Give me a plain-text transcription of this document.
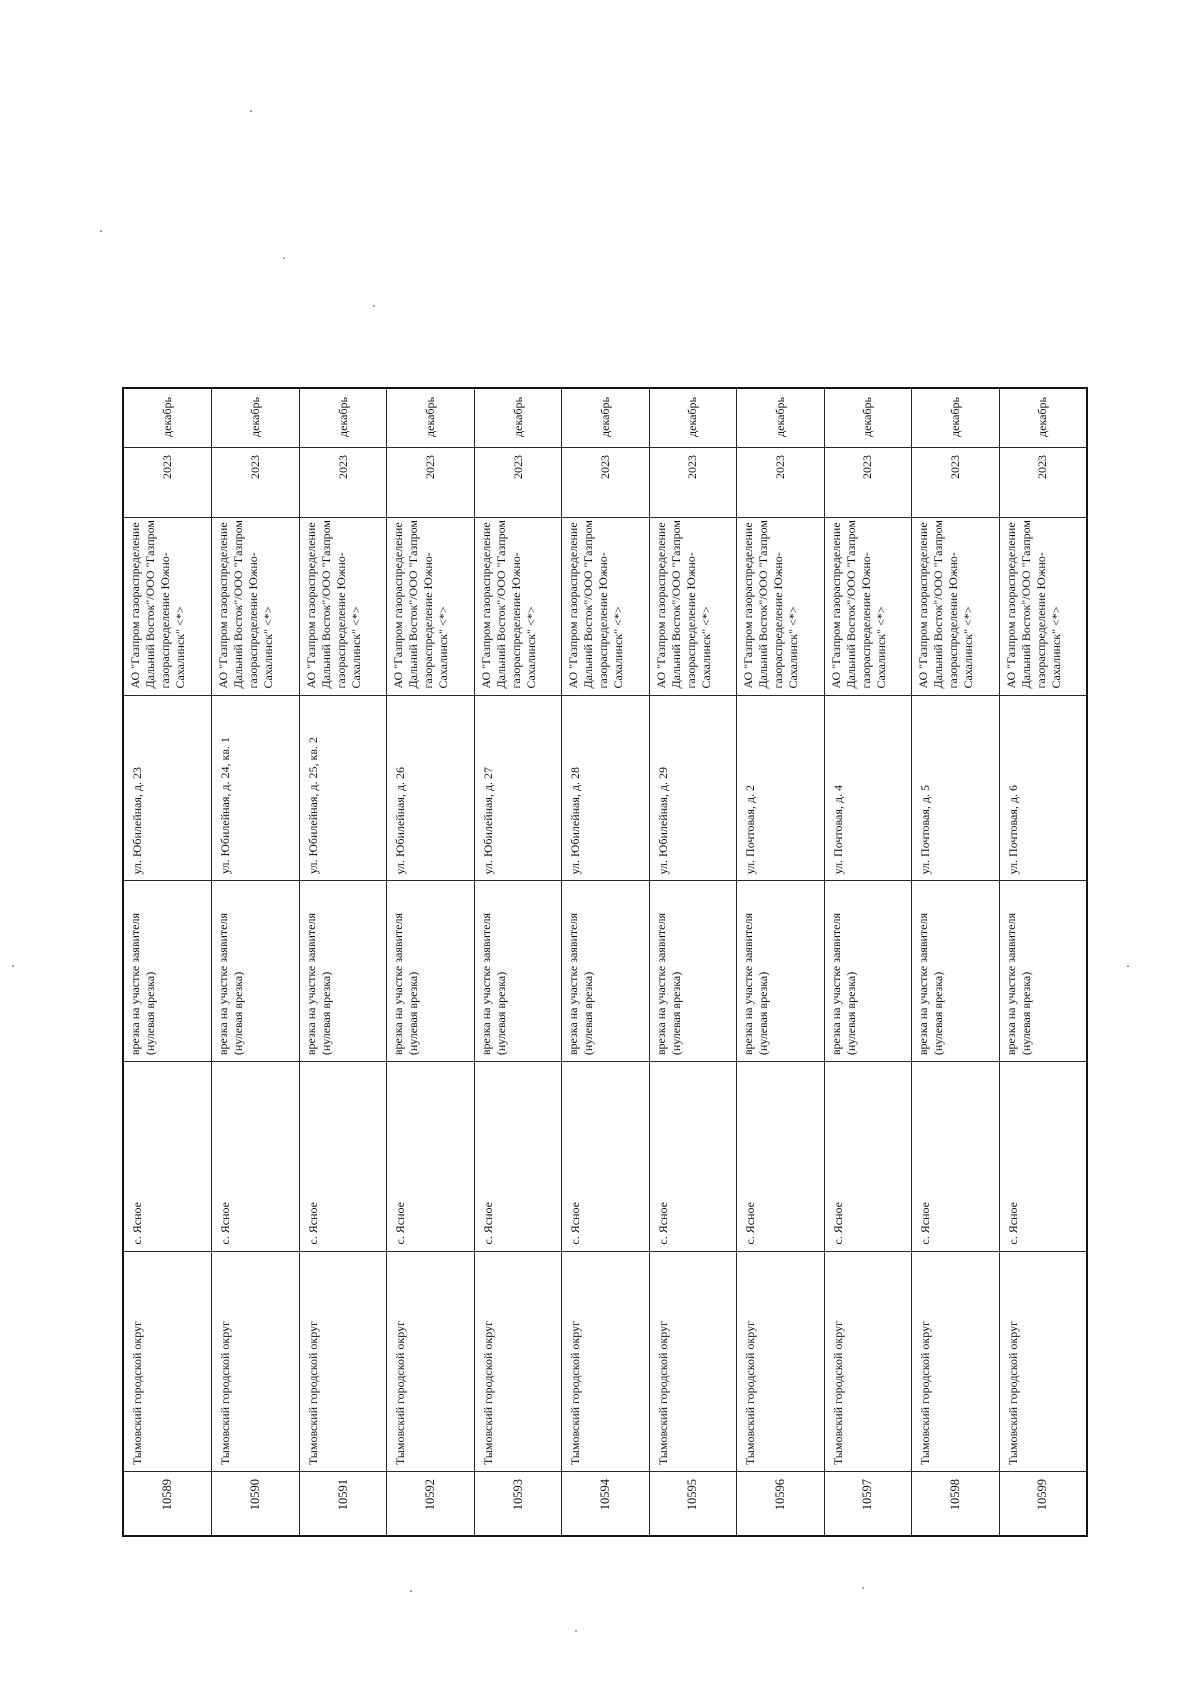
декабрь
2023
АО "Газпром газораспределение
Дальний Восток"/ООО "Газпром
газораспределение Южно-
Сахалинск" <*>
ул. Юбилейная, д. 23
врезка на участке заявителя
(нулевая врезка)
с. Ясное
Тымовский городской округ
10589
декабрь
2023
АО "Газпром газораспределение
Дальний Восток"/ООО "Газпром
газораспределение Южно-
Сахалинск" <*>
ул. Юбилейная, д. 24, кв. 1
врезка на участке заявителя
(нулевая врезка)
с. Ясное
Тымовский городской округ
10590
декабрь
2023
АО "Газпром газораспределение
Дальний Восток"/ООО "Газпром
газораспределение Южно-
Сахалинск" <*>
ул. Юбилейная, д. 25, кв. 2
врезка на участке заявителя
(нулевая врезка)
с. Ясное
Тымовский городской округ
10591
декабрь
2023
АО "Газпром газораспределение
Дальний Восток"/ООО "Газпром
газораспределение Южно-
Сахалинск" <*>
ул. Юбилейная, д. 26
врезка на участке заявителя
(нулевая врезка)
с. Ясное
Тымовский городской округ
10592
декабрь
2023
АО "Газпром газораспределение
Дальний Восток"/ООО "Газпром
газораспределение Южно-
Сахалинск" <*>
ул. Юбилейная, д. 27
врезка на участке заявителя
(нулевая врезка)
с. Ясное
Тымовский городской округ
10593
декабрь
2023
АО "Газпром газораспределение
Дальний Восток"/ООО "Газпром
газораспределение Южно-
Сахалинск" <*>
ул. Юбилейная, д. 28
врезка на участке заявителя
(нулевая врезка)
с. Ясное
Тымовский городской округ
10594
декабрь
2023
АО "Газпром газораспределение
Дальний Восток"/ООО "Газпром
газораспределение Южно-
Сахалинск" <*>
ул. Юбилейная, д. 29
врезка на участке заявителя
(нулевая врезка)
с. Ясное
Тымовский городской округ
10595
декабрь
2023
АО "Газпром газораспределение
Дальний Восток"/ООО "Газпром
газораспределение Южно-
Сахалинск" <*>
ул. Почтовая, д. 2
врезка на участке заявителя
(нулевая врезка)
с. Ясное
Тымовский городской округ
10596
декабрь
2023
АО "Газпром газораспределение
Дальний Восток"/ООО "Газпром
газораспределение Южно-
Сахалинск" <*>
ул. Почтовая, д. 4
врезка на участке заявителя
(нулевая врезка)
с. Ясное
Тымовский городской округ
10597
декабрь
2023
АО "Газпром газораспределение
Дальний Восток"/ООО "Газпром
газораспределение Южно-
Сахалинск" <*>
ул. Почтовая, д. 5
врезка на участке заявителя
(нулевая врезка)
с. Ясное
Тымовский городской округ
10598
декабрь
2023
АО "Газпром газораспределение
Дальний Восток"/ООО "Газпром
газораспределение Южно-
Сахалинск" <*>
ул. Почтовая, д. 6
врезка на участке заявителя
(нулевая врезка)
с. Ясное
Тымовский городской округ
10599
